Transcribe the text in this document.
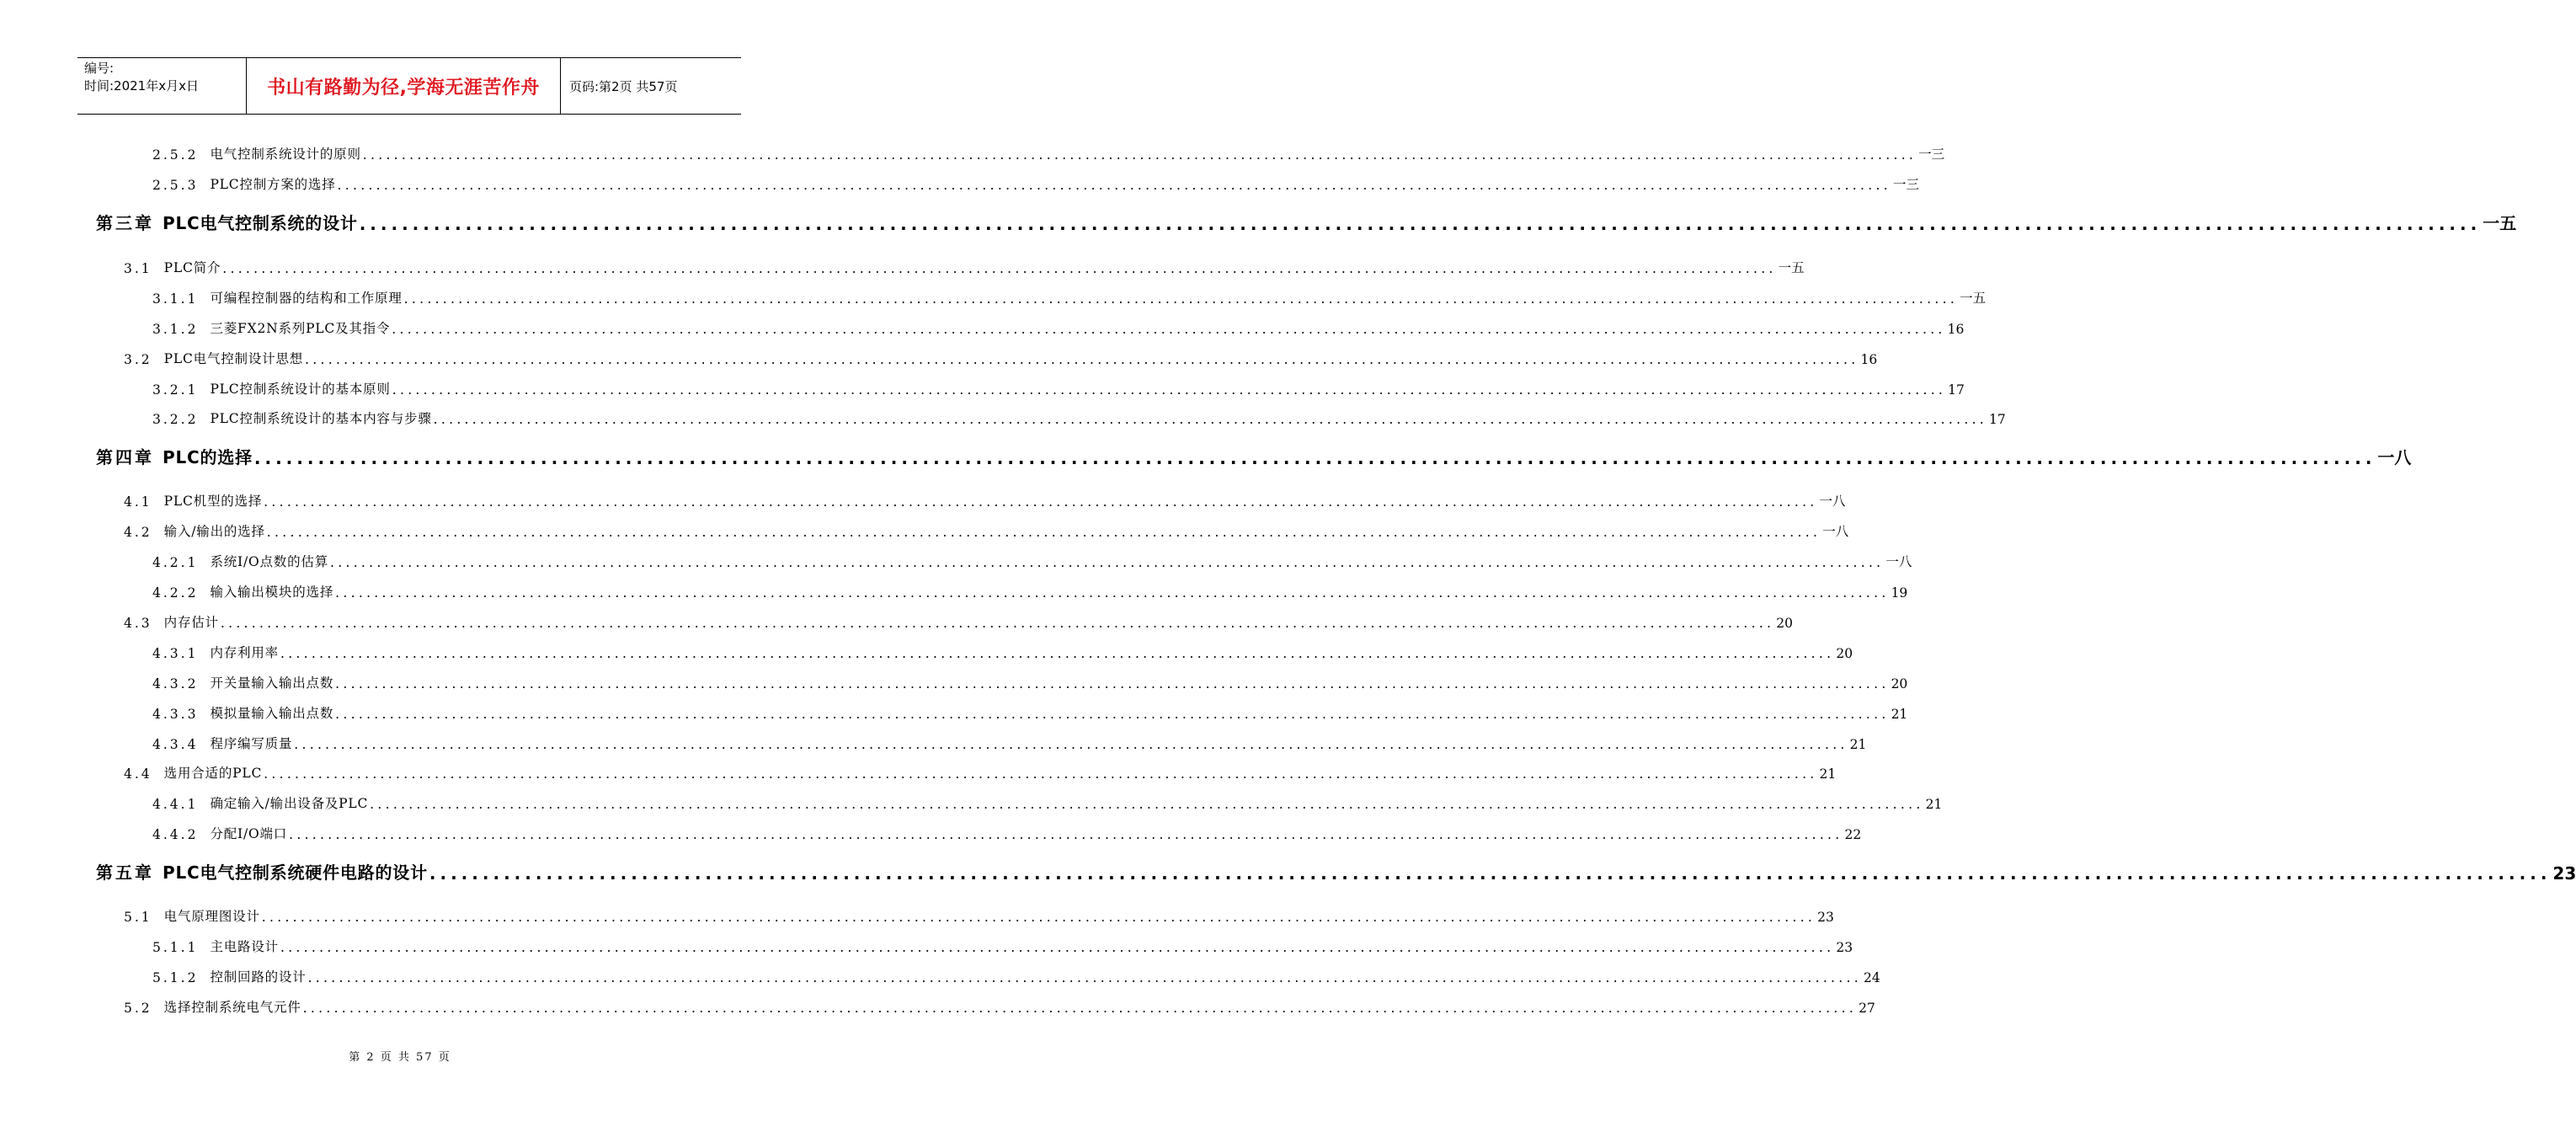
编号:
时间:2021年x月x日	书山有路勤为径,学海无涯苦作舟	页码:第2页 共57页
2.5.2 电气控制系统设计的原则 ........................................................................................................................................................................................................ 一三
2.5.3 PLC控制方案的选择 ........................................................................................................................................................................................................ 一三
第三章 PLC电气控制系统的设计 ........................................................................................................................................................................................................ 一五
3.1 PLC简介 ........................................................................................................................................................................................................ 一五
3.1.1 可编程控制器的结构和工作原理 ........................................................................................................................................................................................................ 一五
3.1.2 三菱FX2N系列PLC及其指令 ........................................................................................................................................................................................................ 16
3.2 PLC电气控制设计思想 ........................................................................................................................................................................................................ 16
3.2.1 PLC控制系统设计的基本原则 ........................................................................................................................................................................................................ 17
3.2.2 PLC控制系统设计的基本内容与步骤 ........................................................................................................................................................................................................ 17
第四章 PLC的选择 ........................................................................................................................................................................................................ 一八
4.1 PLC机型的选择 ........................................................................................................................................................................................................ 一八
4.2 输入/输出的选择 ........................................................................................................................................................................................................ 一八
4.2.1 系统I/O点数的估算 ........................................................................................................................................................................................................ 一八
4.2.2 输入输出模块的选择 ........................................................................................................................................................................................................ 19
4.3 内存估计 ........................................................................................................................................................................................................ 20
4.3.1 内存利用率 ........................................................................................................................................................................................................ 20
4.3.2 开关量输入输出点数 ........................................................................................................................................................................................................ 20
4.3.3 模拟量输入输出点数 ........................................................................................................................................................................................................ 21
4.3.4 程序编写质量 ........................................................................................................................................................................................................ 21
4.4 选用合适的PLC ........................................................................................................................................................................................................ 21
4.4.1 确定输入/输出设备及PLC ........................................................................................................................................................................................................ 21
4.4.2 分配I/O端口 ........................................................................................................................................................................................................ 22
第五章 PLC电气控制系统硬件电路的设计 ........................................................................................................................................................................................................ 23
5.1 电气原理图设计 ........................................................................................................................................................................................................ 23
5.1.1 主电路设计 ........................................................................................................................................................................................................ 23
5.1.2 控制回路的设计 ........................................................................................................................................................................................................ 24
5.2 选择控制系统电气元件 ........................................................................................................................................................................................................ 27
第 2 页 共 57 页
